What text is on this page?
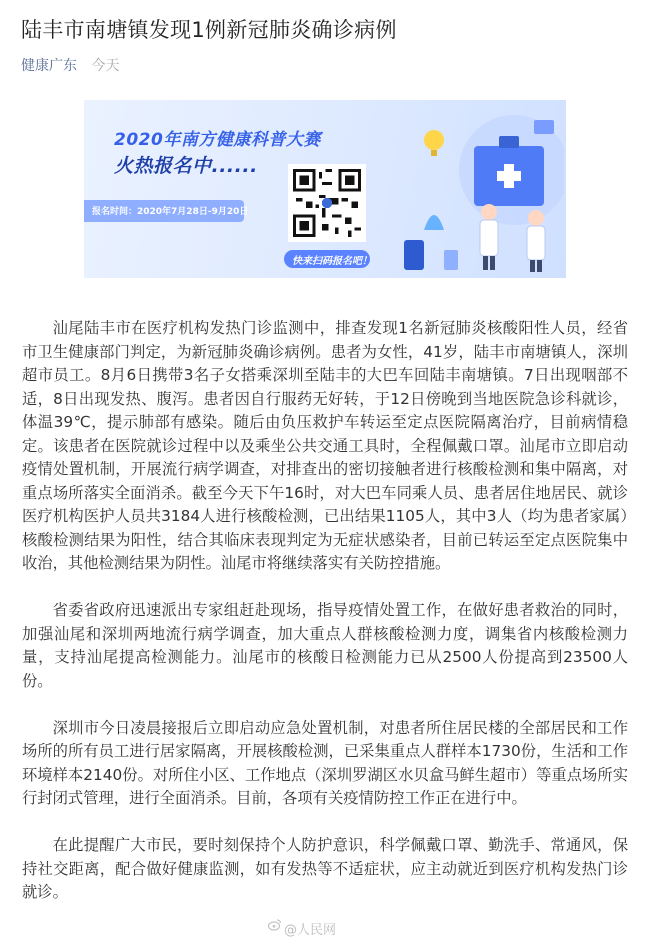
陆丰市南塘镇发现1例新冠肺炎确诊病例
健康广东 今天
2020年南方健康科普大赛
火热报名中......
报名时间：2020年7月28日-9月20日
快来扫码报名吧！

汕尾陆丰市在医疗机构发热门诊监测中，排查发现1名新冠肺炎核酸阳性人员，经省市卫生健康部门判定，为新冠肺炎确诊病例。患者为女性，41岁，陆丰市南塘镇人，深圳超市员工。8月6日携带3名子女搭乘深圳至陆丰的大巴车回陆丰南塘镇。7日出现咽部不适，8日出现发热、腹泻。患者因自行服药无好转，于12日傍晚到当地医院急诊科就诊，体温39℃，提示肺部有感染。随后由负压救护车转运至定点医院隔离治疗，目前病情稳定。该患者在医院就诊过程中以及乘坐公共交通工具时，全程佩戴口罩。汕尾市立即启动疫情处置机制，开展流行病学调查，对排查出的密切接触者进行核酸检测和集中隔离，对重点场所落实全面消杀。截至今天下午16时，对大巴车同乘人员、患者居住地居民、就诊医疗机构医护人员共3184人进行核酸检测，已出结果1105人，其中3人（均为患者家属）核酸检测结果为阳性，结合其临床表现判定为无症状感染者，目前已转运至定点医院集中收治，其他检测结果为阴性。汕尾市将继续落实有关防控措施。

省委省政府迅速派出专家组赶赴现场，指导疫情处置工作，在做好患者救治的同时，加强汕尾和深圳两地流行病学调查，加大重点人群核酸检测力度，调集省内核酸检测力量，支持汕尾提高检测能力。汕尾市的核酸日检测能力已从2500人份提高到23500人份。

深圳市今日凌晨接报后立即启动应急处置机制，对患者所住居民楼的全部居民和工作场所的所有员工进行居家隔离，开展核酸检测，已采集重点人群样本1730份，生活和工作环境样本2140份。对所住小区、工作地点（深圳罗湖区水贝盒马鲜生超市）等重点场所实行封闭式管理，进行全面消杀。目前，各项有关疫情防控工作正在进行中。

在此提醒广大市民，要时刻保持个人防护意识，科学佩戴口罩、勤洗手、常通风，保持社交距离，配合做好健康监测，如有发热等不适症状，应主动就近到医疗机构发热门诊就诊。

@人民网
